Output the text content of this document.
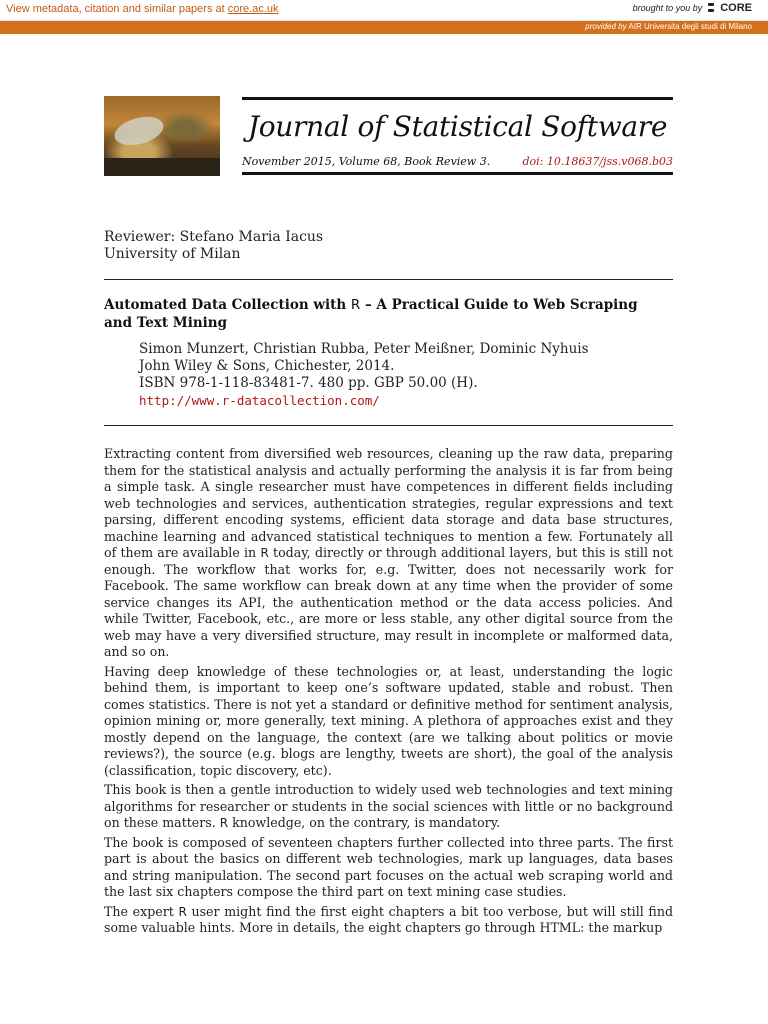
View metadata, citation and similar papers at core.ac.uk	brought to you by CORE
provided by AIR Universita degli studi di Milano
Journal of Statistical Software
November 2015, Volume 68, Book Review 3.	doi: 10.18637/jss.v068.b03
Reviewer: Stefano Maria Iacus
University of Milan
Automated Data Collection with R – A Practical Guide to Web Scraping
and Text Mining
Simon Munzert, Christian Rubba, Peter Meißner, Dominic Nyhuis
John Wiley & Sons, Chichester, 2014.
ISBN 978-1-118-83481-7. 480 pp. GBP 50.00 (H).
http://www.r-datacollection.com/

Extracting content from diversified web resources, cleaning up the raw data, preparing them for the statistical analysis and actually performing the analysis it is far from being a simple task. A single researcher must have competences in different fields including web technologies and services, authentication strategies, regular expressions and text parsing, different encoding systems, efficient data storage and data base structures, machine learning and advanced statistical techniques to mention a few. Fortunately all of them are available in R today, directly or through additional layers, but this is still not enough. The workflow that works for, e.g. Twitter, does not necessarily work for Facebook. The same workflow can break down at any time when the provider of some service changes its API, the authentication method or the data access policies. And while Twitter, Facebook, etc., are more or less stable, any other digital source from the web may have a very diversified structure, may result in incomplete or malformed data, and so on.

Having deep knowledge of these technologies or, at least, understanding the logic behind them, is important to keep one’s software updated, stable and robust. Then comes statistics. There is not yet a standard or definitive method for sentiment analysis, opinion mining or, more generally, text mining. A plethora of approaches exist and they mostly depend on the language, the context (are we talking about politics or movie reviews?), the source (e.g. blogs are lengthy, tweets are short), the goal of the analysis (classification, topic discovery, etc).

This book is then a gentle introduction to widely used web technologies and text mining algorithms for researcher or students in the social sciences with little or no background on these matters. R knowledge, on the contrary, is mandatory.

The book is composed of seventeen chapters further collected into three parts. The first part is about the basics on different web technologies, mark up languages, data bases and string manipulation. The second part focuses on the actual web scraping world and the last six chapters compose the third part on text mining case studies.

The expert R user might find the first eight chapters a bit too verbose, but will still find some valuable hints. More in details, the eight chapters go through HTML: the markup
